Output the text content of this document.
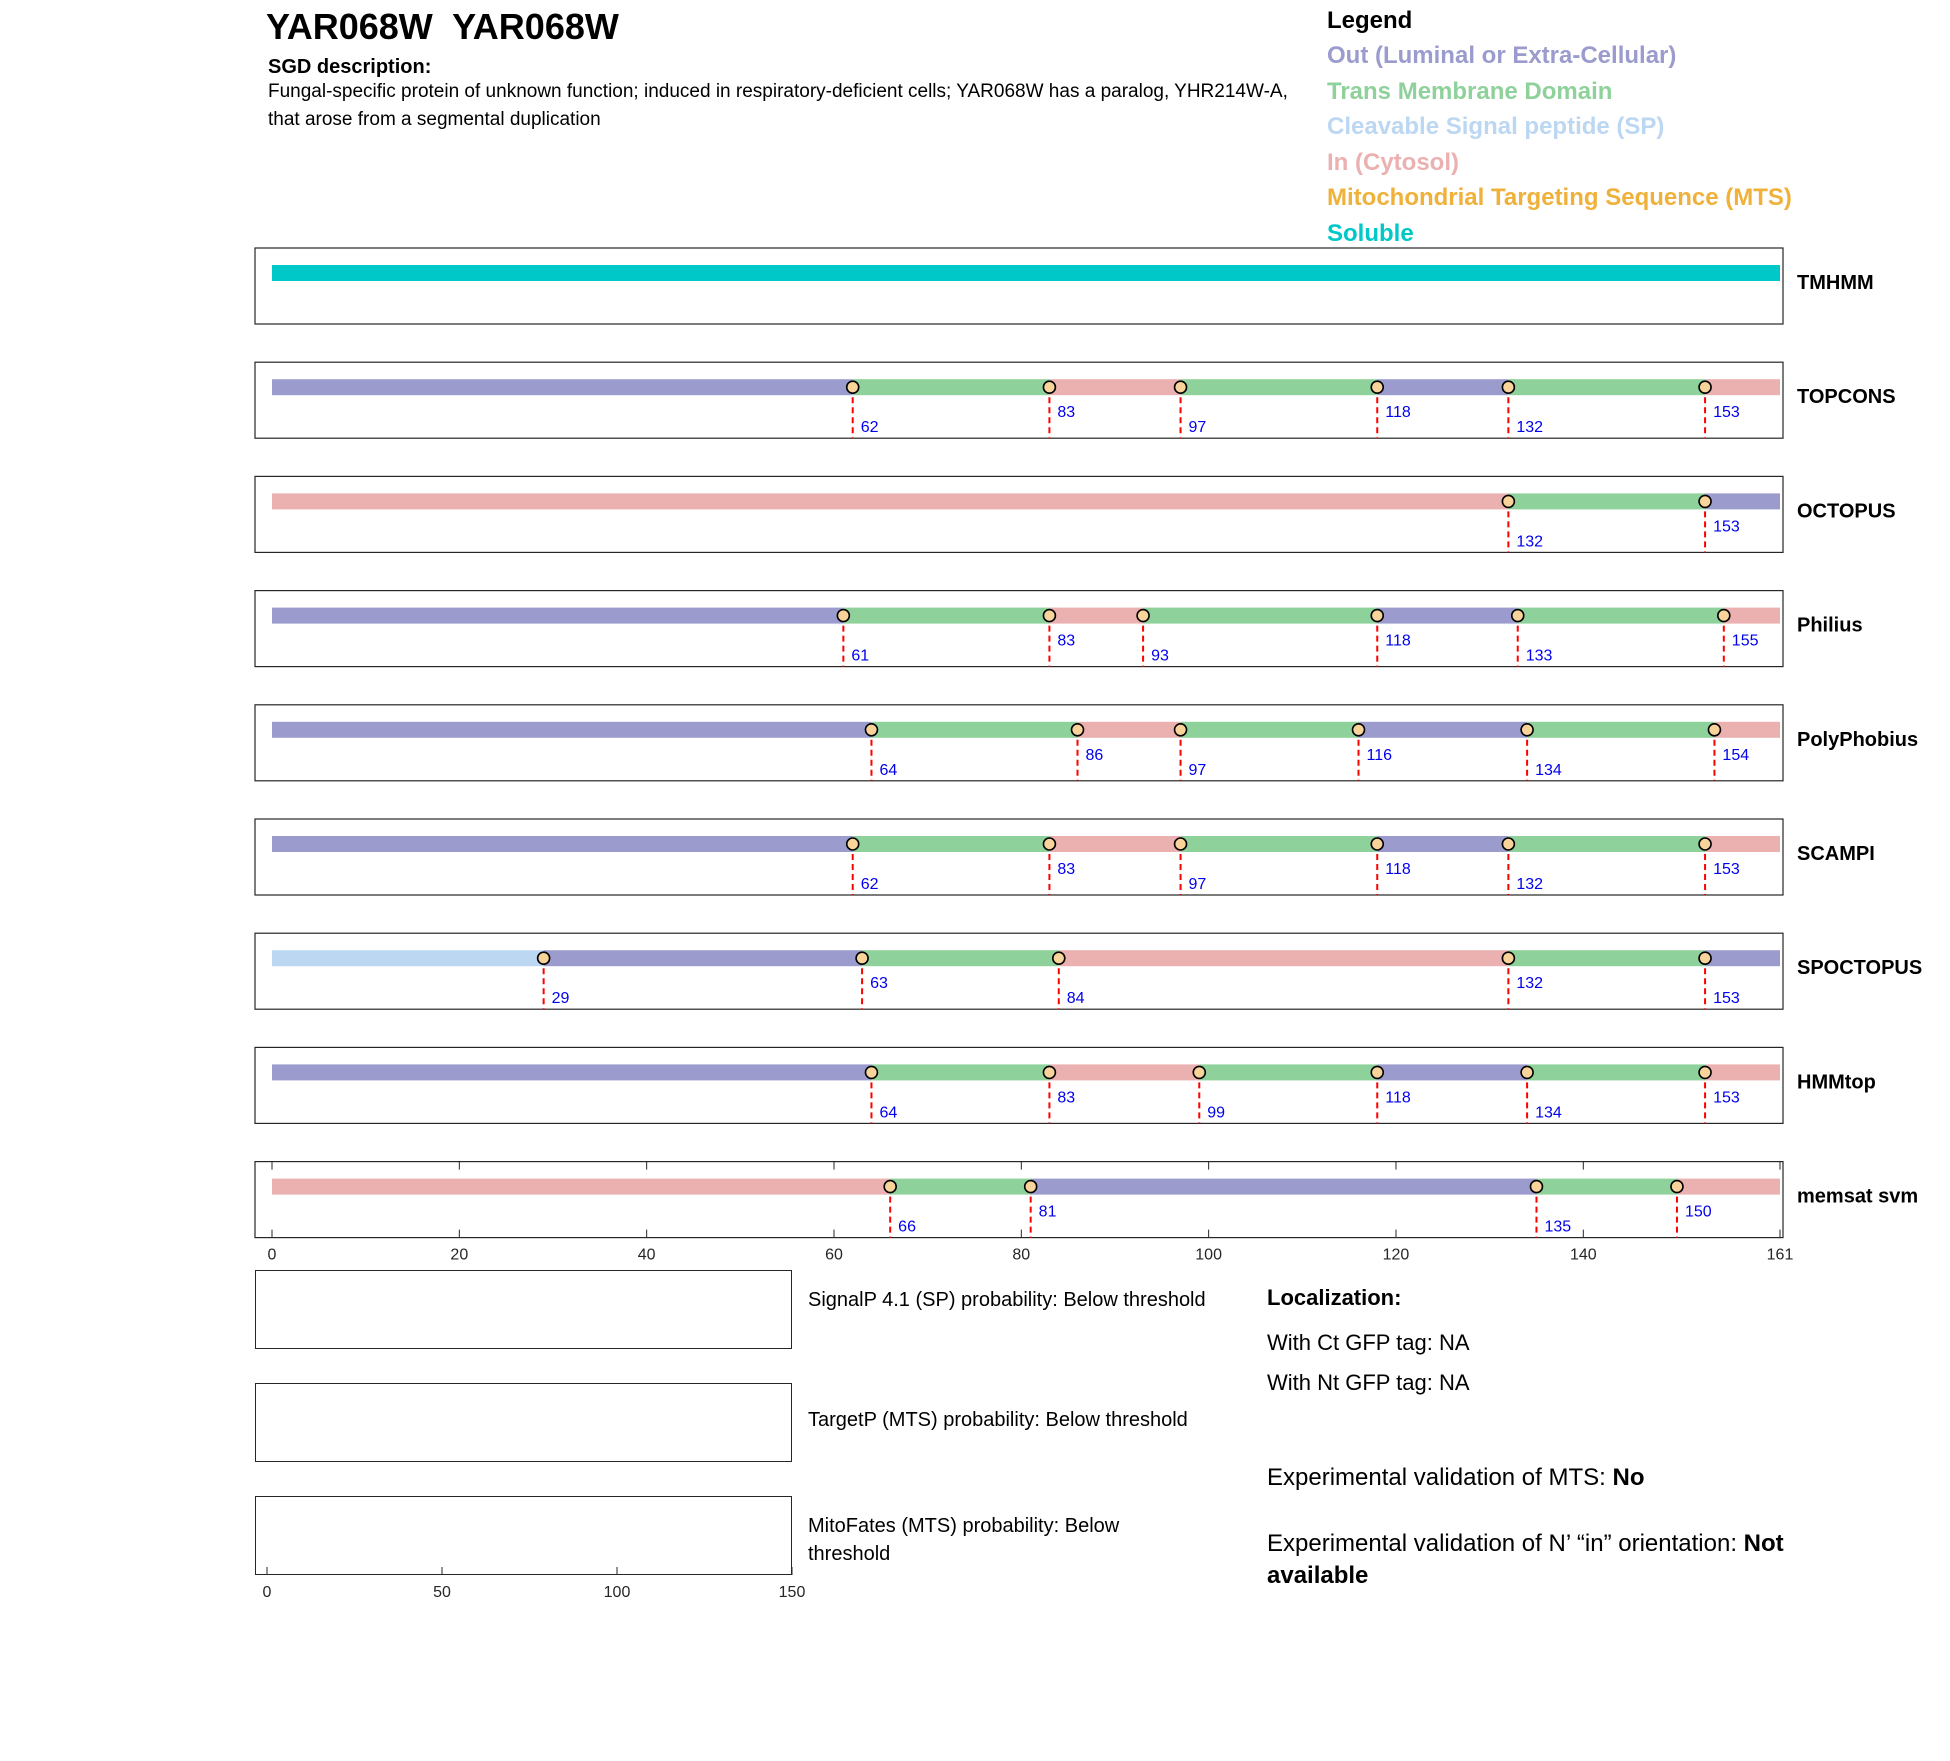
YAR068W  YAR068W
SGD description:
Fungal-specific protein of unknown function; induced in respiratory-deficient cells; YAR068W has a paralog, YHR214W-A, that arose from a segmental duplication
Legend
Out (Luminal or Extra-Cellular)
Trans Membrane Domain
Cleavable Signal peptide (SP)
In (Cytosol)
Mitochondrial Targeting Sequence (MTS)
Soluble
TMHMM
62
83
97
118
132
153
TOPCONS
132
153
OCTOPUS
61
83
93
118
133
155
Philius
64
86
97
116
134
154
PolyPhobius
62
83
97
118
132
153
SCAMPI
29
63
84
132
153
SPOCTOPUS
64
83
99
118
134
153
HMMtop
66
81
135
150
memsat svm
0	20	40	60	80	100	120	140	161
SignalP 4.1 (SP) probability: Below threshold
TargetP (MTS) probability: Below threshold
MitoFates (MTS) probability: Below threshold
0	50	100	150
Localization:
With Ct GFP tag: NA
With Nt GFP tag: NA
Experimental validation of MTS: No
Experimental validation of N’ “in” orientation: Not available
